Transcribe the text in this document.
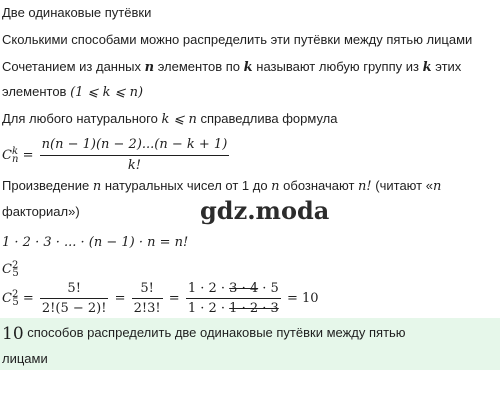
Две одинаковые путёвки
Сколькими способами можно распределить эти путёвки между пятью лицами
Сочетанием из данных n элементов по k называют любую группу из k этих
элементов (1 ⩽ k ⩽ n)
Для любого натурального k ⩽ n справедлива формула
$C^k_n = \frac{n(n - 1)(n - 2)...(n - k + 1)}{k!}$
Произведение n натуральных чисел от 1 до n обозначают n! (читают «n
факториал»)	gdz.moda
1 · 2 · 3 · ... · (n − 1) · n = n!
$C^2_5$
$C^2_5 = \frac{5!}{2!(5 - 2)!} = \frac{5!}{2!3!} = \frac{1 \cdot 2 \cdot 3 \cdot 4 \cdot 5}{1 \cdot 2 \cdot 1 \cdot 2 \cdot 3} = 10$
10 способов распределить две одинаковые путёвки между пятью
лицами
